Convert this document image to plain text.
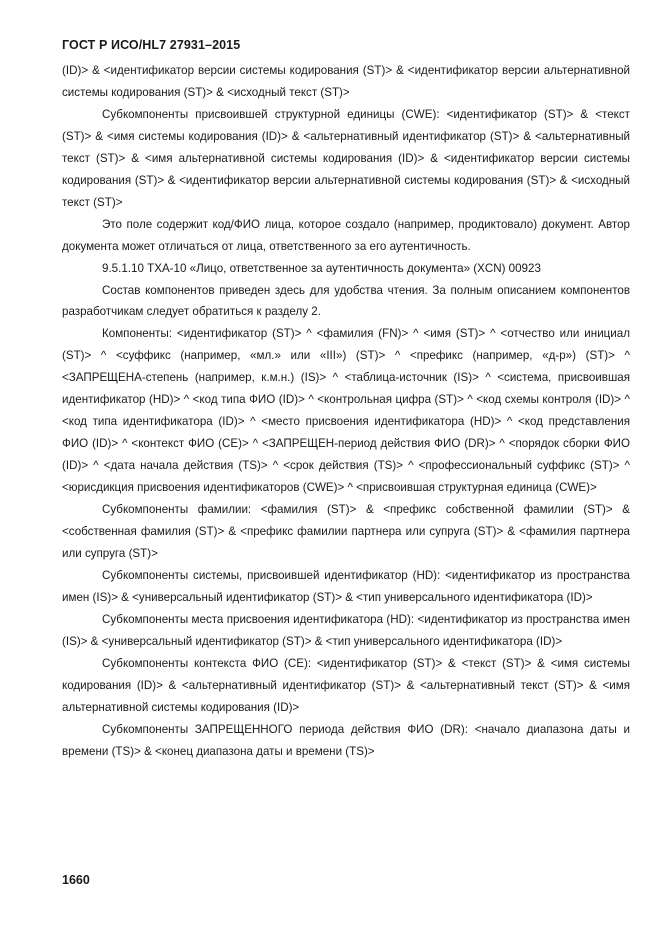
ГОСТ Р ИСО/HL7 27931–2015

(ID)> & <идентификатор версии системы кодирования (ST)> & <идентификатор версии альтернативной системы кодирования (ST)> & <исходный текст (ST)>

Субкомпоненты присвоившей структурной единицы (CWE): <идентификатор (ST)> & <текст (ST)> & <имя системы кодирования (ID)> & <альтернативный идентификатор (ST)> & <альтернативный текст (ST)> & <имя альтернативной системы кодирования (ID)> & <идентификатор версии системы кодирования (ST)> & <идентификатор версии альтернативной системы кодирования (ST)> & <исходный текст (ST)>

Это поле содержит код/ФИО лица, которое создало (например, продиктовало) документ. Автор документа может отличаться от лица, ответственного за его аутентичность.

9.5.1.10 ТХА-10 «Лицо, ответственное за аутентичность документа» (XCN) 00923

Состав компонентов приведен здесь для удобства чтения. За полным описанием компонентов разработчикам следует обратиться к разделу 2.

Компоненты: <идентификатор (ST)> ^ <фамилия (FN)> ^ <имя (ST)> ^ <отчество или инициал (ST)> ^ <суффикс (например, «мл.» или «III») (ST)> ^ <префикс (например, «д-р») (ST)> ^ <ЗАПРЕЩЕНА-степень (например, к.м.н.) (IS)> ^ <таблица-источник (IS)> ^ <система, присвоившая идентификатор (HD)> ^ <код типа ФИО (ID)> ^ <контрольная цифра (ST)> ^ <код схемы контроля (ID)> ^ <код типа идентификатора (ID)> ^ <место присвоения идентификатора (HD)> ^ <код представления ФИО (ID)> ^ <контекст ФИО (CE)> ^ <ЗАПРЕЩЕН-период действия ФИО (DR)> ^ <порядок сборки ФИО (ID)> ^ <дата начала действия (TS)> ^ <срок действия (TS)> ^ <профессиональный суффикс (ST)> ^ <юрисдикция присвоения идентификаторов (CWE)> ^ <присвоившая структурная единица (CWE)>

Субкомпоненты фамилии: <фамилия (ST)> & <префикс собственной фамилии (ST)> & <собственная фамилия (ST)> & <префикс фамилии партнера или супруга (ST)> & <фамилия партнера или супруга (ST)>

Субкомпоненты системы, присвоившей идентификатор (HD): <идентификатор из пространства имен (IS)> & <универсальный идентификатор (ST)> & <тип универсального идентификатора (ID)>

Субкомпоненты места присвоения идентификатора (HD): <идентификатор из пространства имен (IS)> & <универсальный идентификатор (ST)> & <тип универсального идентификатора (ID)>

Субкомпоненты контекста ФИО (CE): <идентификатор (ST)> & <текст (ST)> & <имя системы кодирования (ID)> & <альтернативный идентификатор (ST)> & <альтернативный текст (ST)> & <имя альтернативной системы кодирования (ID)>

Субкомпоненты ЗАПРЕЩЕННОГО периода действия ФИО (DR): <начало диапазона даты и времени (TS)> & <конец диапазона даты и времени (TS)>

1660
